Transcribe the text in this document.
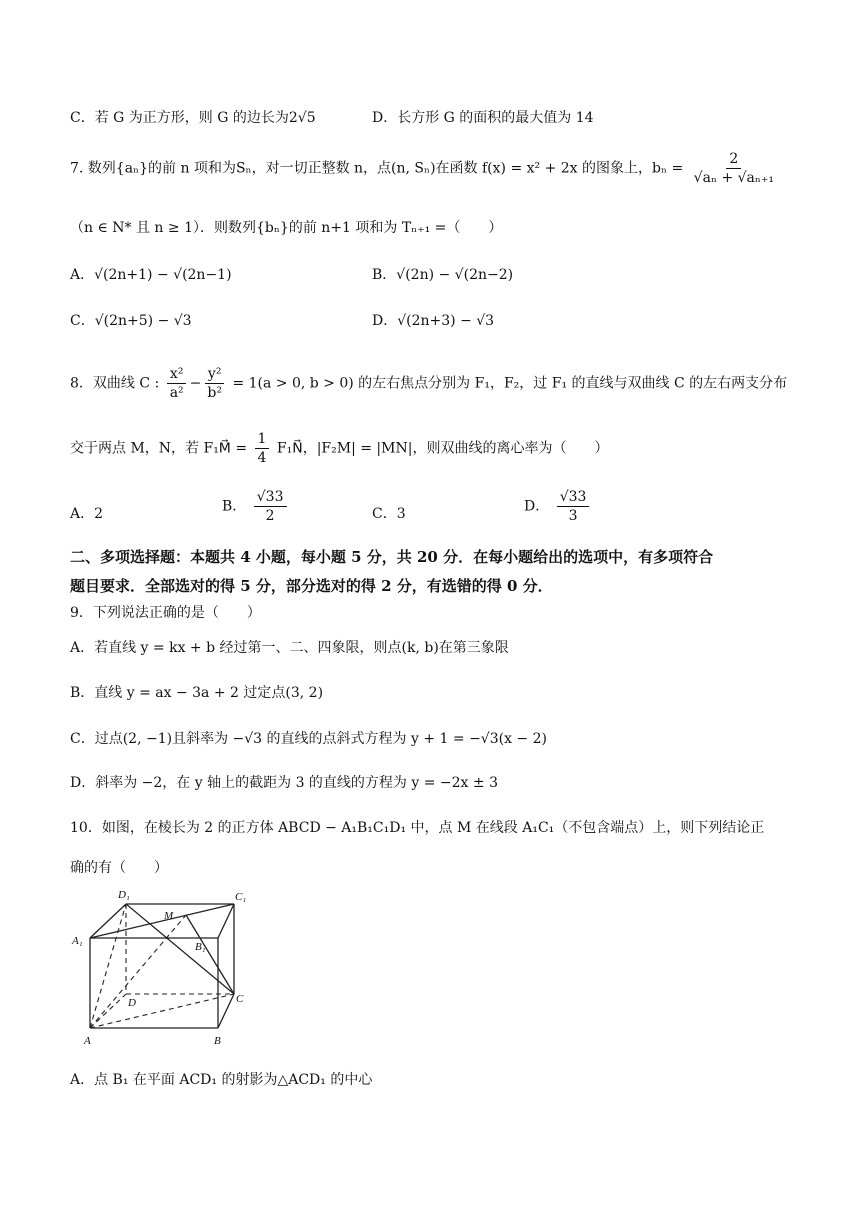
C．若 G 为正方形，则 G 的边长为2√5	D．长方形 G 的面积的最大值为 14
7. 数列{aₙ}的前 n 项和为Sₙ，对一切正整数 n，点(n, Sₙ)在函数 f(x) = x² + 2x 的图象上，$b_n = \frac{2}{\text{√aₙ + √aₙ₊₁}}$
（n ∈ N* 且 n ≥ 1）．则数列{bₙ}的前 n+1 项和为 Tₙ₊₁ =（　　）
A．√(2n+1) − √(2n−1)	B．√(2n) − √(2n−2)
C．√(2n+5) − √3	D．√(2n+3) − √3
8．双曲线 C : $\frac{\text{x²}}{\text{a²}} - \frac{\text{y²}}{\text{b²}} = 1(a > 0$, b > 0) 的左右焦点分别为 F₁，F₂，过 F₁ 的直线与双曲线 C 的左右两支分布
交于两点 M，N，若 F₁M⃗ = $\frac{1}{4}$ F₁N⃗，|F₂M| = |MN|，则双曲线的离心率为（　　）
A．2	B． $\frac{√33}{2}$	C．3	D． $\frac{√33}{3}$
二、多项选择题：本题共 4 小题，每小题 5 分，共 20 分．在每小题给出的选项中，有多项符合
题目要求．全部选对的得 5 分，部分选对的得 2 分，有选错的得 0 分．
9．下列说法正确的是（　　）
A．若直线 y = kx + b 经过第一、二、四象限，则点(k, b)在第三象限
B．直线 y = ax − 3a + 2 过定点(3, 2)
C．过点(2, −1)且斜率为 −√3 的直线的点斜式方程为 y + 1 = −√3(x − 2)
D．斜率为 −2，在 y 轴上的截距为 3 的直线的方程为 y = −2x ± 3
10．如图，在棱长为 2 的正方体 ABCD − A₁B₁C₁D₁ 中，点 M 在线段 A₁C₁（不包含端点）上，则下列结论正
确的有（　　）
D₁
M
C₁
A₁	B₁
D	C
A	B
A．点 B₁ 在平面 ACD₁ 的射影为△ACD₁ 的中心
